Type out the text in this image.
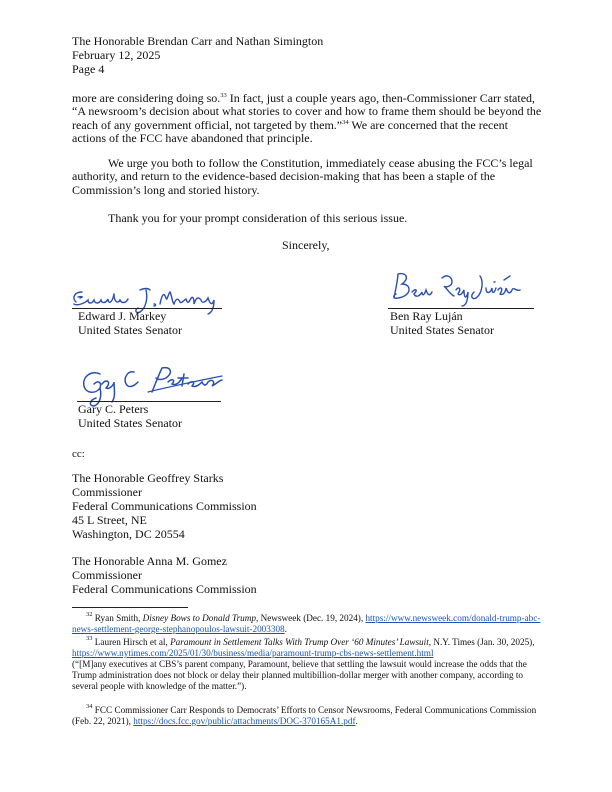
The Honorable Brendan Carr and Nathan Simington
February 12, 2025
Page 4
more are considering doing so.$^{33}$ In fact, just a couple years ago, then-Commissioner Carr stated, “A newsroom’s decision about what stories to cover and how to frame them should be beyond the reach of any government official, not targeted by them.”$^{34}$ We are concerned that the recent actions of the FCC have abandoned that principle.
We urge you both to follow the Constitution, immediately cease abusing the FCC’s legal authority, and return to the evidence-based decision-making that has been a staple of the Commission’s long and storied history.
Thank you for your prompt consideration of this serious issue.
Sincerely,
Edward J. Markey
United States Senator
Ben Ray Luján
United States Senator
Gary C. Peters
United States Senator
cc:
The Honorable Geoffrey Starks
Commissioner
Federal Communications Commission
45 L Street, NE
Washington, DC 20554
The Honorable Anna M. Gomez
Commissioner
Federal Communications Commission
$^{32}$ Ryan Smith, Disney Bows to Donald Trump, Newsweek (Dec. 19, 2024), https://www.newsweek.com/donald-trump-abc-news-settlement-george-stephanopoulos-lawsuit-2003308.
$^{33}$ Lauren Hirsch et al, Paramount in Settlement Talks With Trump Over ‘60 Minutes’ Lawsuit, N.Y. Times (Jan. 30, 2025), https://www.nytimes.com/2025/01/30/business/media/paramount-trump-cbs-news-settlement.html
(“[M]any executives at CBS’s parent company, Paramount, believe that settling the lawsuit would increase the odds that the Trump administration does not block or delay their planned multibillion-dollar merger with another company, according to several people with knowledge of the matter.”).
$^{34}$ FCC Commissioner Carr Responds to Democrats’ Efforts to Censor Newsrooms, Federal Communications Commission (Feb. 22, 2021), https://docs.fcc.gov/public/attachments/DOC-370165A1.pdf.
